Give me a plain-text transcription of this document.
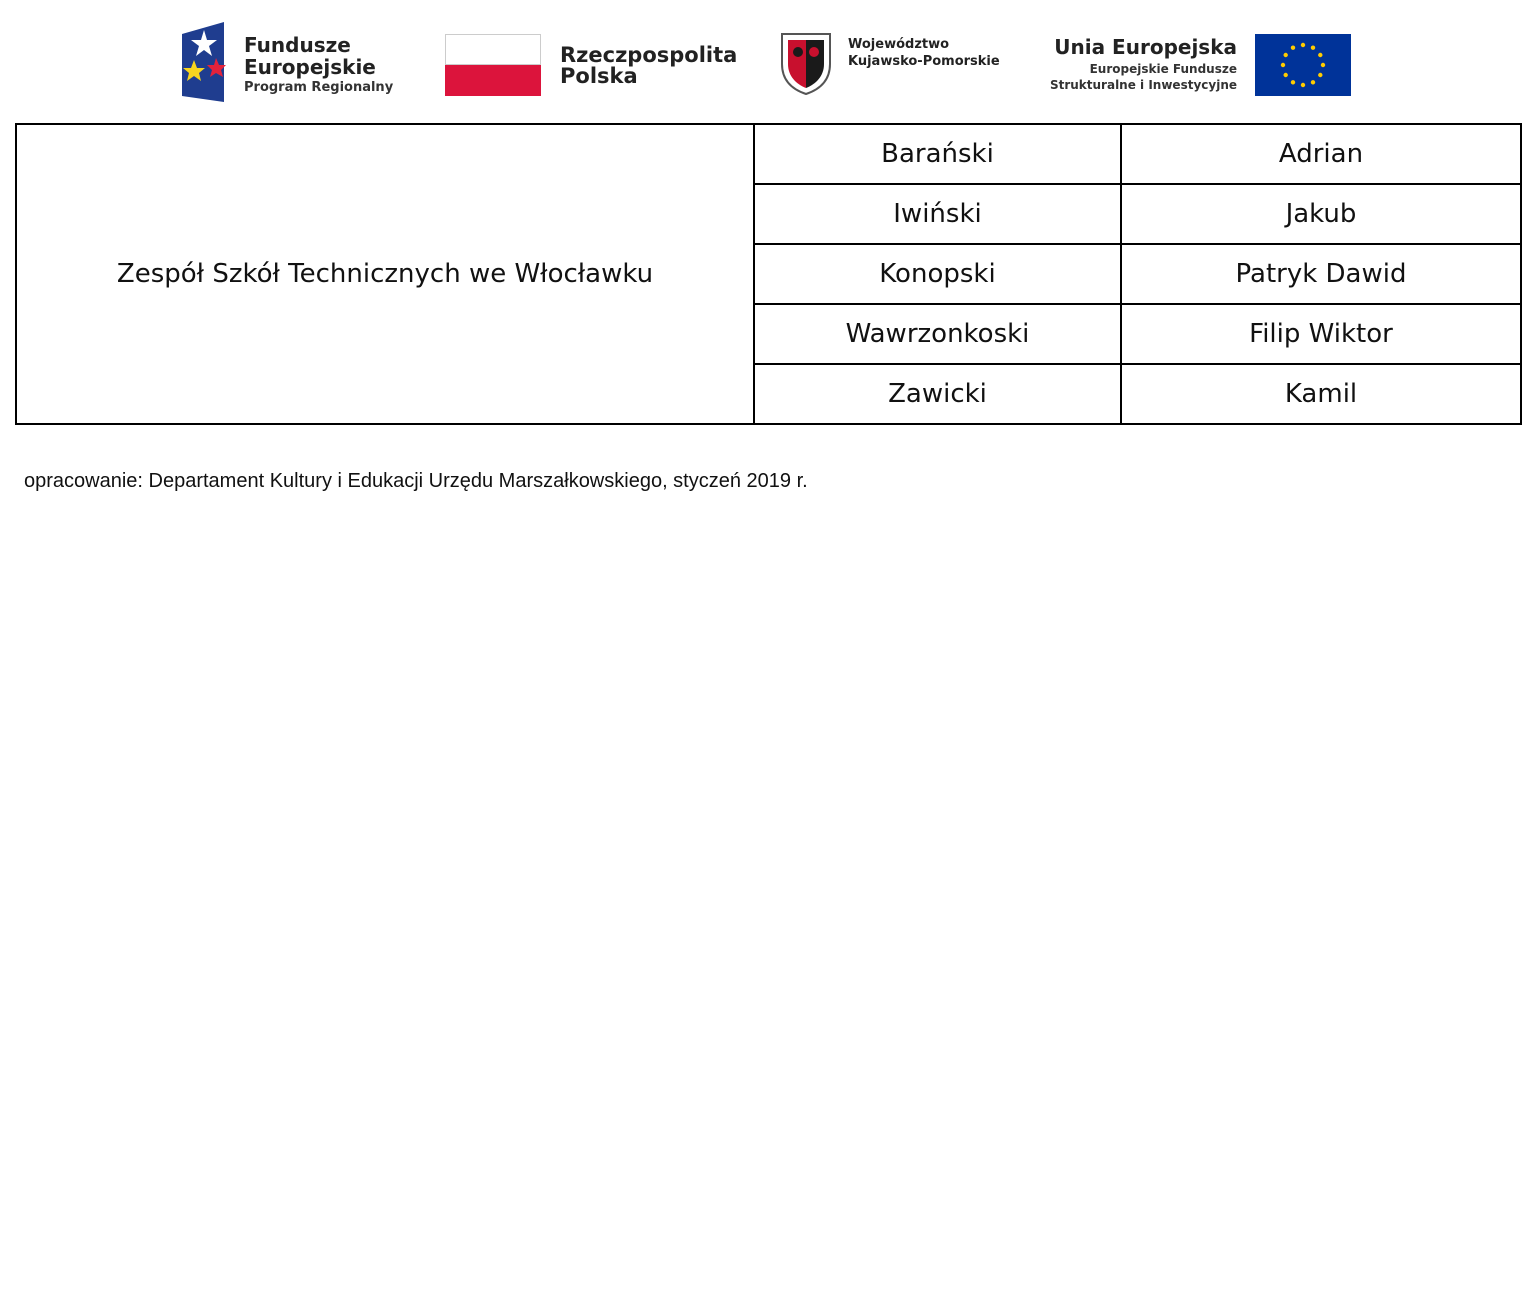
Fundusze
Europejskie
Program Regionalny
Rzeczpospolita
Polska
Województwo
Kujawsko-Pomorskie
Unia Europejska
Europejskie Fundusze
Strukturalne i Inwestycyjne
Zespół Szkół Technicznych we Włocławku	Barański	Adrian
	Iwiński	Jakub
	Konopski	Patryk Dawid
	Wawrzonkoski	Filip Wiktor
	Zawicki	Kamil
opracowanie: Departament Kultury i Edukacji Urzędu Marszałkowskiego, styczeń 2019 r.
